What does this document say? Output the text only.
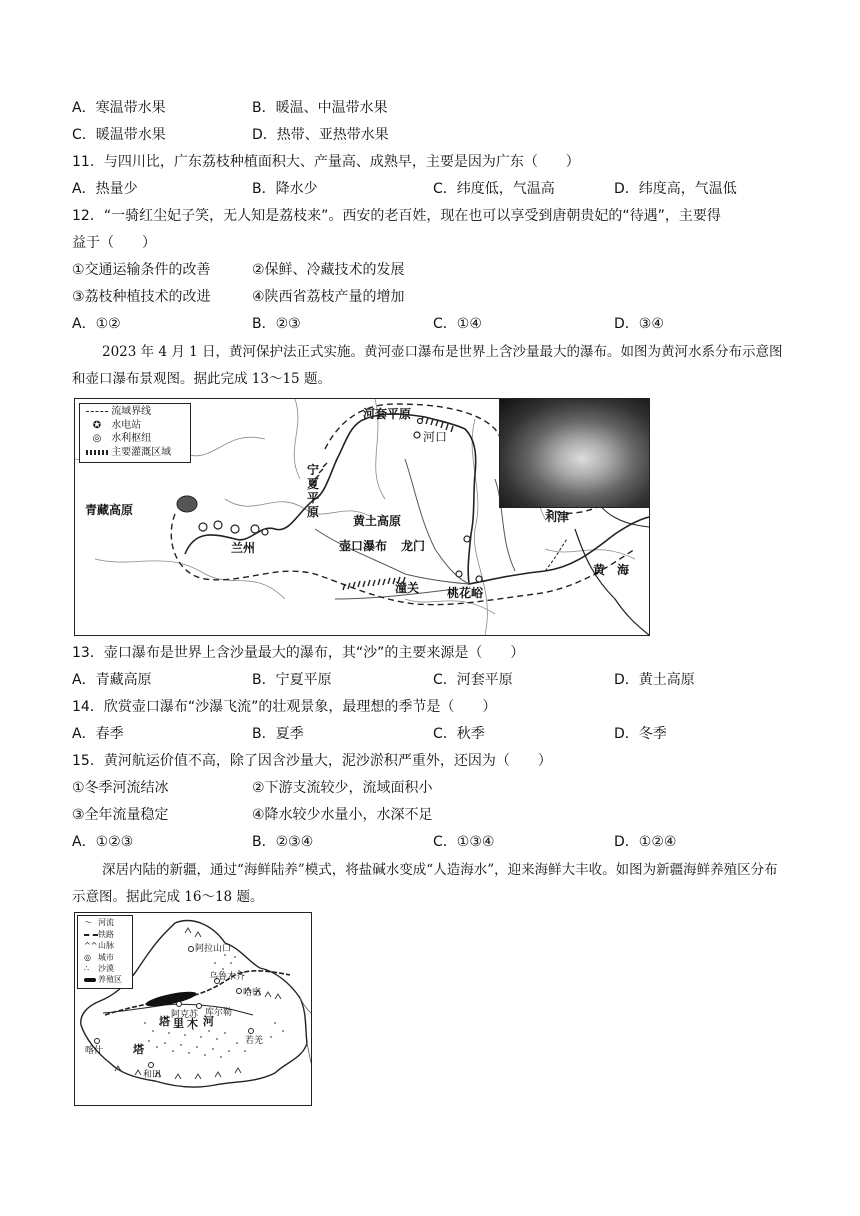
A．寒温带水果	B．暖温、中温带水果
C．暖温带水果	D．热带、亚热带水果
11．与四川比，广东荔枝种植面积大、产量高、成熟早，主要是因为广东（　　）
A．热量少	B．降水少	C．纬度低，气温高	D．纬度高，气温低
12．“一骑红尘妃子笑，无人知是荔枝来”。西安的老百姓，现在也可以享受到唐朝贵妃的“待遇”，主要得
益于（　　）
①交通运输条件的改善	②保鲜、冷藏技术的发展
③荔枝种植技术的改进	④陕西省荔枝产量的增加
A．①②	B．②③	C．①④	D．③④
2023 年 4 月 1 日，黄河保护法正式实施。黄河壶口瀑布是世界上含沙量最大的瀑布。如图为黄河水系分布示意图和壶口瀑布景观图。据此完成 13～15 题。
流域界线
✪ 水电站
◎ 水利枢纽
主要灌溉区域
青藏高原
河套平原
河口
宁
夏
平
原
黄土高原
壶口瀑布 龙门
兰州
潼关 桃花峪
利津
黄　海
13．壶口瀑布是世界上含沙量最大的瀑布，其“沙”的主要来源是（　　）
A．青藏高原	B．宁夏平原	C．河套平原	D．黄土高原
14．欣赏壶口瀑布“沙瀑飞流”的壮观景象，最理想的季节是（　　）
A．春季	B．夏季	C．秋季	D．冬季
15．黄河航运价值不高，除了因含沙量大，泥沙淤积严重外，还因为（　　）
①冬季河流结冰	②下游支流较少，流域面积小
③全年流量稳定	④降水较少水量小，水深不足
A．①②③	B．②③④	C．①③④	D．①②④
深居内陆的新疆，通过“海鲜陆养”模式，将盐碱水变成“人造海水”，迎来海鲜大丰收。如图为新疆海鲜养殖区分布示意图。据此完成 16～18 题。
〜 河流
铁路
^^山脉
◎ 城市
∴ 沙漠
养殖区
阿拉山口
乌鲁木齐
哈密
库尔勒
阿克苏
塔 里 木 河
喀什	塔
和田
若羌
